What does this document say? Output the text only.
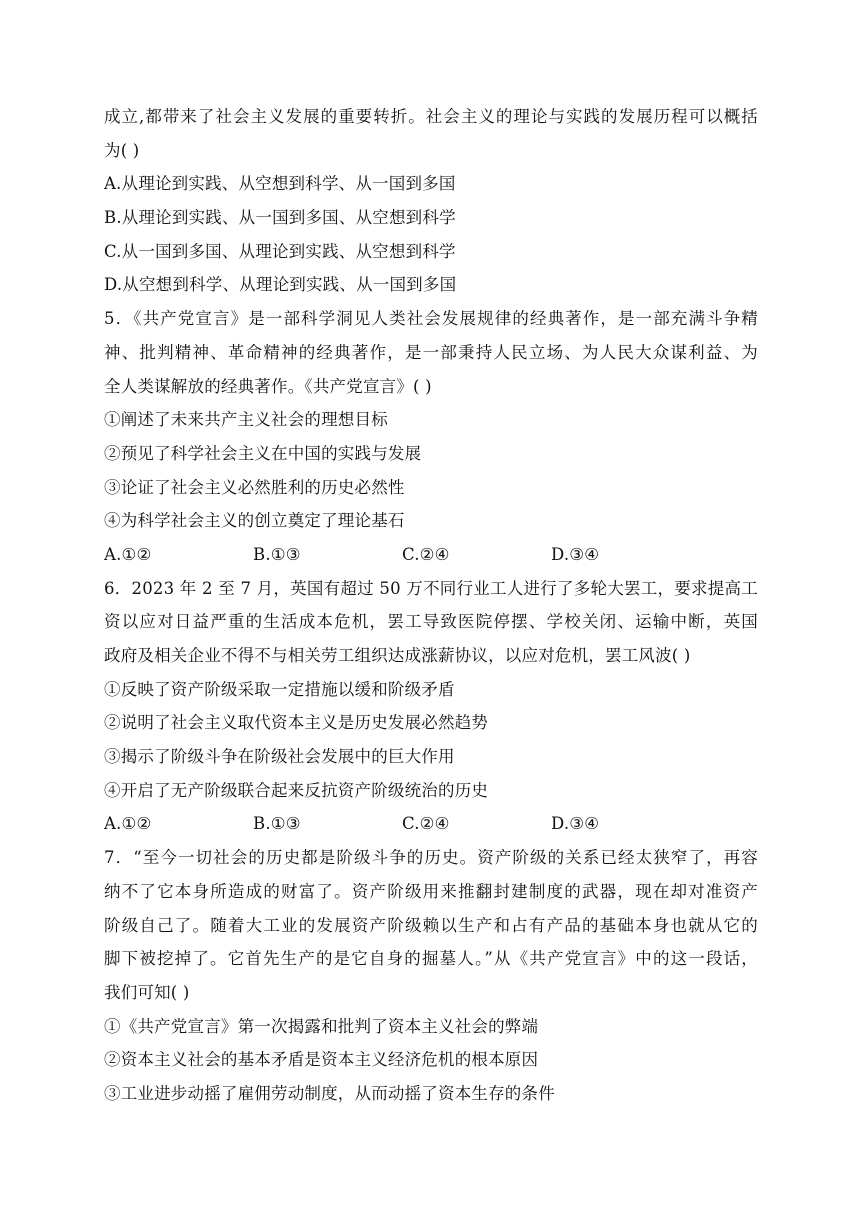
成立,都带来了社会主义发展的重要转折。社会主义的理论与实践的发展历程可以概括
为( )
A.从理论到实践、从空想到科学、从一国到多国
B.从理论到实践、从一国到多国、从空想到科学
C.从一国到多国、从理论到实践、从空想到科学
D.从空想到科学、从理论到实践、从一国到多国
5．《共产党宣言》是一部科学洞见人类社会发展规律的经典著作，是一部充满斗争精
神、批判精神、革命精神的经典著作，是一部秉持人民立场、为人民大众谋利益、为
全人类谋解放的经典著作。《共产党宣言》( )
①阐述了未来共产主义社会的理想目标
②预见了科学社会主义在中国的实践与发展
③论证了社会主义必然胜利的历史必然性
④为科学社会主义的创立奠定了理论基石
A.①②	B.①③	C.②④	D.③④
6．2023 年 2 至 7 月，英国有超过 50 万不同行业工人进行了多轮大罢工，要求提高工
资以应对日益严重的生活成本危机，罢工导致医院停摆、学校关闭、运输中断，英国
政府及相关企业不得不与相关劳工组织达成涨薪协议，以应对危机，罢工风波( )
①反映了资产阶级采取一定措施以缓和阶级矛盾
②说明了社会主义取代资本主义是历史发展必然趋势
③揭示了阶级斗争在阶级社会发展中的巨大作用
④开启了无产阶级联合起来反抗资产阶级统治的历史
A.①②	B.①③	C.②④	D.③④
7．“至今一切社会的历史都是阶级斗争的历史。资产阶级的关系已经太狭窄了，再容
纳不了它本身所造成的财富了。资产阶级用来推翻封建制度的武器，现在却对准资产
阶级自己了。随着大工业的发展资产阶级赖以生产和占有产品的基础本身也就从它的
脚下被挖掉了。它首先生产的是它自身的掘墓人。”从《共产党宣言》中的这一段话，
我们可知( )
①《共产党宣言》第一次揭露和批判了资本主义社会的弊端
②资本主义社会的基本矛盾是资本主义经济危机的根本原因
③工业进步动摇了雇佣劳动制度，从而动摇了资本生存的条件
